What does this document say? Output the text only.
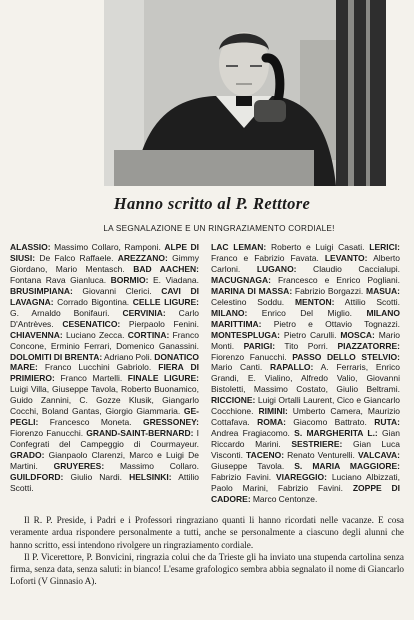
Hanno scritto al P. Retttore
LA SEGNALAZIONE E UN RINGRAZIAMENTO CORDIALE!
ALASSIO: Massimo Collaro, Ramponi. ALPE DI SIUSI: De Falco Raffaele. AREZZANO: Gimmy Giordano, Mario Mentasch. BAD AACHEN: Fontana Rava Gianluca. BORMIO: E. Viadana. BRUSIMPIANA: Giovanni Clerici. CAVI DI LAVAGNA: Corrado Bigontina. CELLE LIGURE: G. Arnaldo Bonifauri. CERVINIA: Carlo D'Antrèves. CESENATICO: Pierpaolo Fenini. CHIAVENNA: Luciano Zecca. CORTINA: Franco Concone, Erminio Ferrari, Domenico Ganassini. DOLOMITI DI BRENTA: Adriano Poli. DONATICO MARE: Franco Lucchini Gabriolo. FIERA DI PRIMIERO: Franco Martelli. FINALE LIGURE: Luigi Villa, Giuseppe Tavola, Roberto Buonamico, Guido Zannini, C. Gozze Klusik, Giangarlo Cocchi, Boland Gantas, Giorgio Giammaria. GE-PEGLI: Francesco Moneta. GRESSONEY: Fiorenzo Fanucchi. GRAND-SAINT-BERNARD: I Confegrati del Campeggio di Courmayeur. GRADO: Gianpaolo Clarenzi, Marco e Luigi De Martini. GRUYERES: Massimo Collaro. GUILDFORD: Giulio Nardi. HELSINKI: Attilio Scotti.
LAC LEMAN: Roberto e Luigi Casati. LERICI: Franco e Fabrizio Favata. LEVANTO: Alberto Carloni. LUGANO: Claudio Caccialupi. MACUGNAGA: Francesco e Enrico Pogliani. MARINA DI MASSA: Fabrizio Borgazzi. MASUA: Celestino Soddu. MENTON: Attilio Scotti. MILANO: Enrico Del Miglio. MILANO MARITTIMA: Pietro e Ottavio Tognazzi. MONTESPLUGA: Pietro Carulli. MOSCA: Mario Monti. PARIGI: Tito Porri. PIAZZATORRE: Fiorenzo Fanucchi. PASSO DELLO STELVIO: Mario Canti. RAPALLO: A. Ferraris, Enrico Grandi, E. Vialino, Alfredo Valio, Giovanni Bistoletti, Massimo Costato, Giulio Beltrami. RICCIONE: Luigi Ortalli Laurent, Cico e Giancarlo Cocchione. RIMINI: Umberto Camera, Maurizio Cottafava. ROMA: Giacomo Battrato. RUTA: Andrea Fragiacomo. S. MARGHERITA L.: Gian Riccardo Marini. SESTRIERE: Gian Luca Visconti. TACENO: Renato Venturelli. VALCAVA: Giuseppe Tavola. S. MARIA MAGGIORE: Fabrizio Favini. VIAREGGIO: Luciano Albizzati, Paolo Marini, Fabrizio Favini. ZOPPE DI CADORE: Marco Centonze.

Il R. P. Preside, i Padri e i Professori ringraziano quanti li hanno ricordati nelle vacanze. E cosa veramente ardua rispondere personalmente a tutti, anche se personalmente a ciascuno degli alunni che hanno scritto, essi intendono rivolgere un ringraziamento cordiale.

Il P. Vicerettore, P. Bonvicini, ringrazia colui che da Trieste gli ha inviato una stupenda cartolina senza firma, senza data, senza saluti: in bianco! L'esame grafologico sembra abbia segnalato il nome di Giancarlo Loforti (V Ginnasio A).
